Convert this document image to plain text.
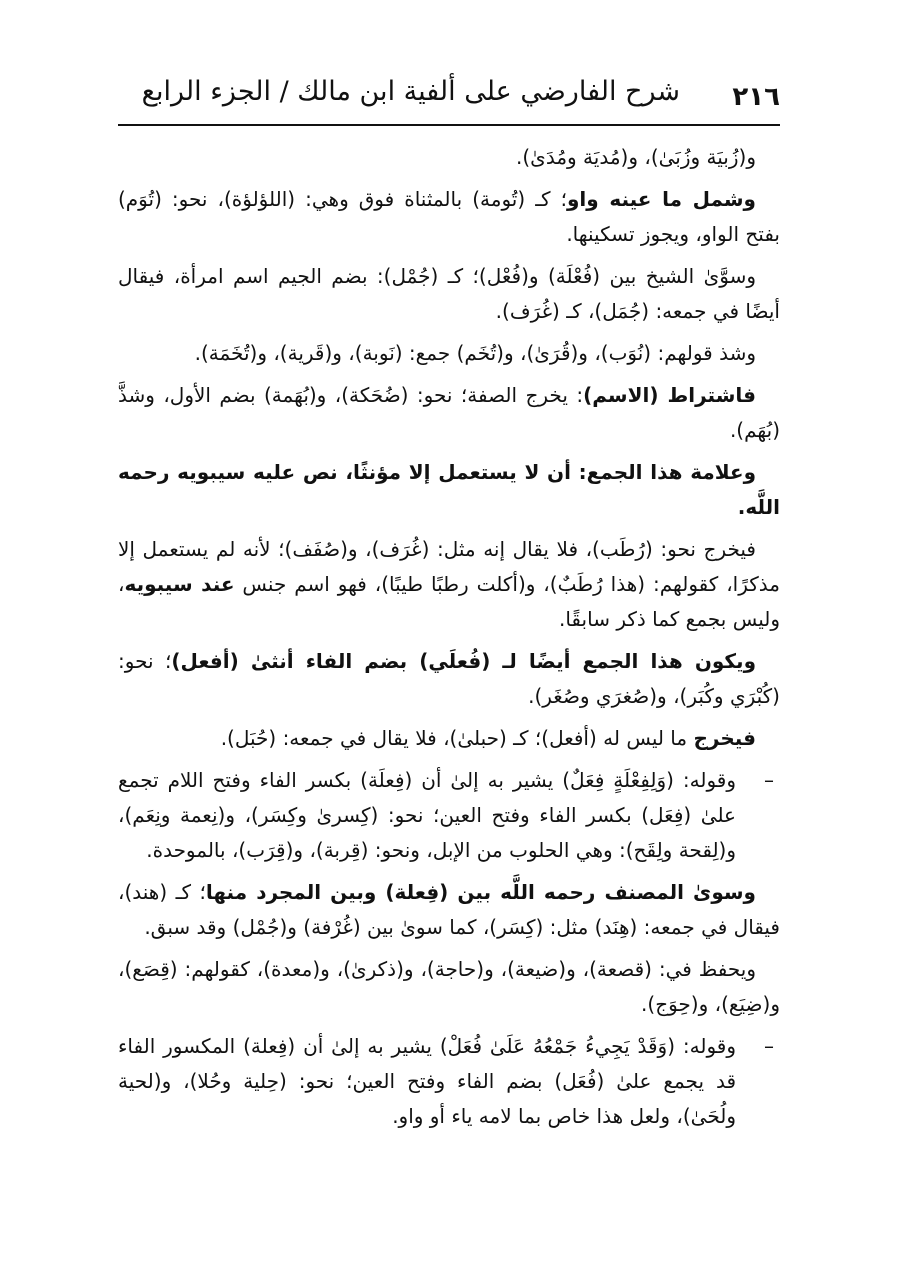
٢١٦
شرح الفارضي على ألفية ابن مالك / الجزء الرابع

و(زُبيَة وزُبَىٰ)، و(مُديَة ومُدَىٰ).

وشمل ما عينه واو؛ كـ (تُومة) بالمثناة فوق وهي: (اللؤلؤة)، نحو: (تُوَم) بفتح الواو، ويجوز تسكينها.

وسوَّىٰ الشيخ بين (فُعْلَة) و(فُعْل)؛ كـ (جُمْل): بضم الجيم اسم امرأة، فيقال أيضًا في جمعه: (جُمَل)، كـ (غُرَف).

وشذ قولهم: (نُوَب)، و(قُرَىٰ)، و(تُخَم) جمع: (نَوبة)، و(قَرية)، و(تُخَمَة).

فاشتراط (الاسم): يخرج الصفة؛ نحو: (ضُحَكة)، و(بُهَمة) بضم الأول، وشذَّ (بُهَم).

وعلامة هذا الجمع: أن لا يستعمل إلا مؤنثًا، نص عليه سيبويه رحمه اللَّه.

فيخرج نحو: (رُطَب)، فلا يقال إنه مثل: (غُرَف)، و(صُفَف)؛ لأنه لم يستعمل إلا مذكرًا، كقولهم: (هذا رُطَبٌ)، و(أكلت رطبًا طيبًا)، فهو اسم جنس عند سيبويه، وليس بجمع كما ذكر سابقًا.

ويكون هذا الجمع أيضًا لـ (فُعلَي) بضم الفاء أنثىٰ (أفعل)؛ نحو: (كُبْرَي وكُبَر)، و(صُغرَي وصُغَر).

فيخرج ما ليس له (أفعل)؛ كـ (حبلىٰ)، فلا يقال في جمعه: (حُبَل).

–
وقوله: (وَلِفِعْلَةٍ فِعَلٌ) يشير به إلىٰ أن (فِعلَة) بكسر الفاء وفتح اللام تجمع علىٰ (فِعَل) بكسر الفاء وفتح العين؛ نحو: (كِسرىٰ وكِسَر)، و(نِعمة ونِعَم)، و(لِقحة ولِقَح): وهي الحلوب من الإبل، ونحو: (قِربة)، و(قِرَب)، بالموحدة.

وسوىٰ المصنف رحمه اللَّه بين (فِعلة) وبين المجرد منها؛ كـ (هند)، فيقال في جمعه: (هِنَد) مثل: (كِسَر)، كما سوىٰ بين (غُرْفة) و(جُمْل) وقد سبق.

ويحفظ في: (قصعة)، و(ضيعة)، و(حاجة)، و(ذكرىٰ)، و(معدة)، كقولهم: (قِصَع)، و(ضِيَع)، و(حِوَج).

–
وقوله: (وَقَدْ يَجِيءُ جَمْعُهُ عَلَىٰ فُعَلْ) يشير به إلىٰ أن (فِعلة) المكسور الفاء قد يجمع علىٰ (فُعَل) بضم الفاء وفتح العين؛ نحو: (حِلية وحُلا)، و(لحية ولُحَىٰ)، ولعل هذا خاص بما لامه ياء أو واو.
